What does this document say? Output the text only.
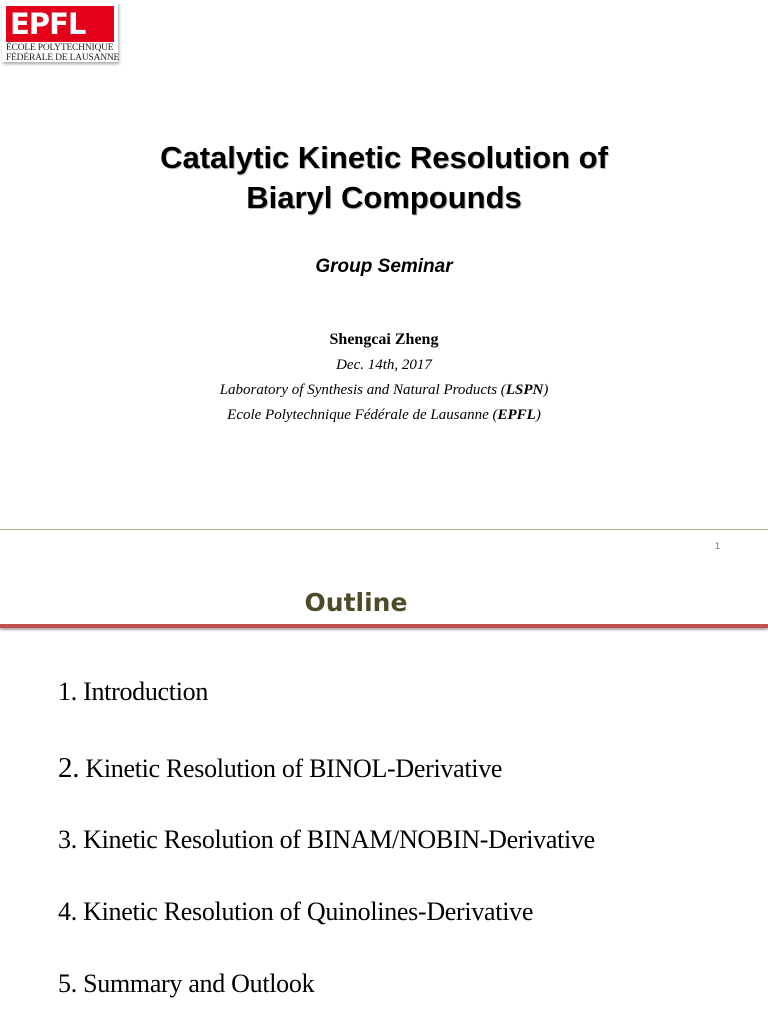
EPFL
ÉCOLE POLYTECHNIQUE
FÉDÉRALE DE LAUSANNE
Catalytic Kinetic Resolution of
Biaryl Compounds
Group Seminar
Shengcai Zheng
Dec. 14th, 2017
Laboratory of Synthesis and Natural Products (LSPN)
Ecole Polytechnique Fédérale de Lausanne (EPFL)
1
Outline
1. Introduction
2. Kinetic Resolution of BINOL-Derivative
3. Kinetic Resolution of BINAM/NOBIN-Derivative
4. Kinetic Resolution of Quinolines-Derivative
5. Summary and Outlook
